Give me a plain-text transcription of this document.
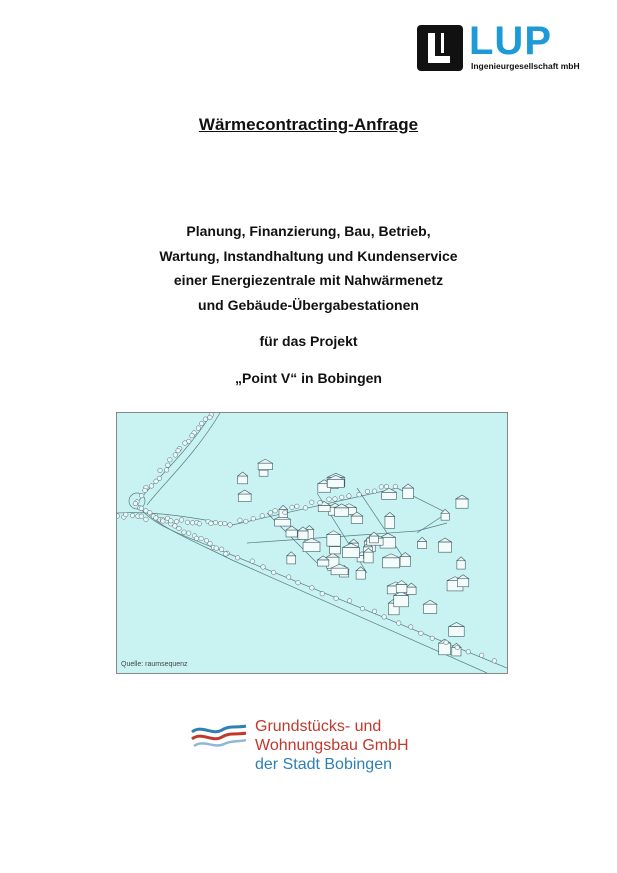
LUP
Ingenieurgesellschaft mbH
Wärmecontracting-Anfrage
Planung, Finanzierung, Bau, Betrieb,
Wartung, Instandhaltung und Kundenservice
einer Energiezentrale mit Nahwärmenetz
und Gebäude-Übergabestationen
für das Projekt
„Point V“ in Bobingen
Quelle: raumsequenz
Grundstücks- und
Wohnungsbau GmbH
der Stadt Bobingen
